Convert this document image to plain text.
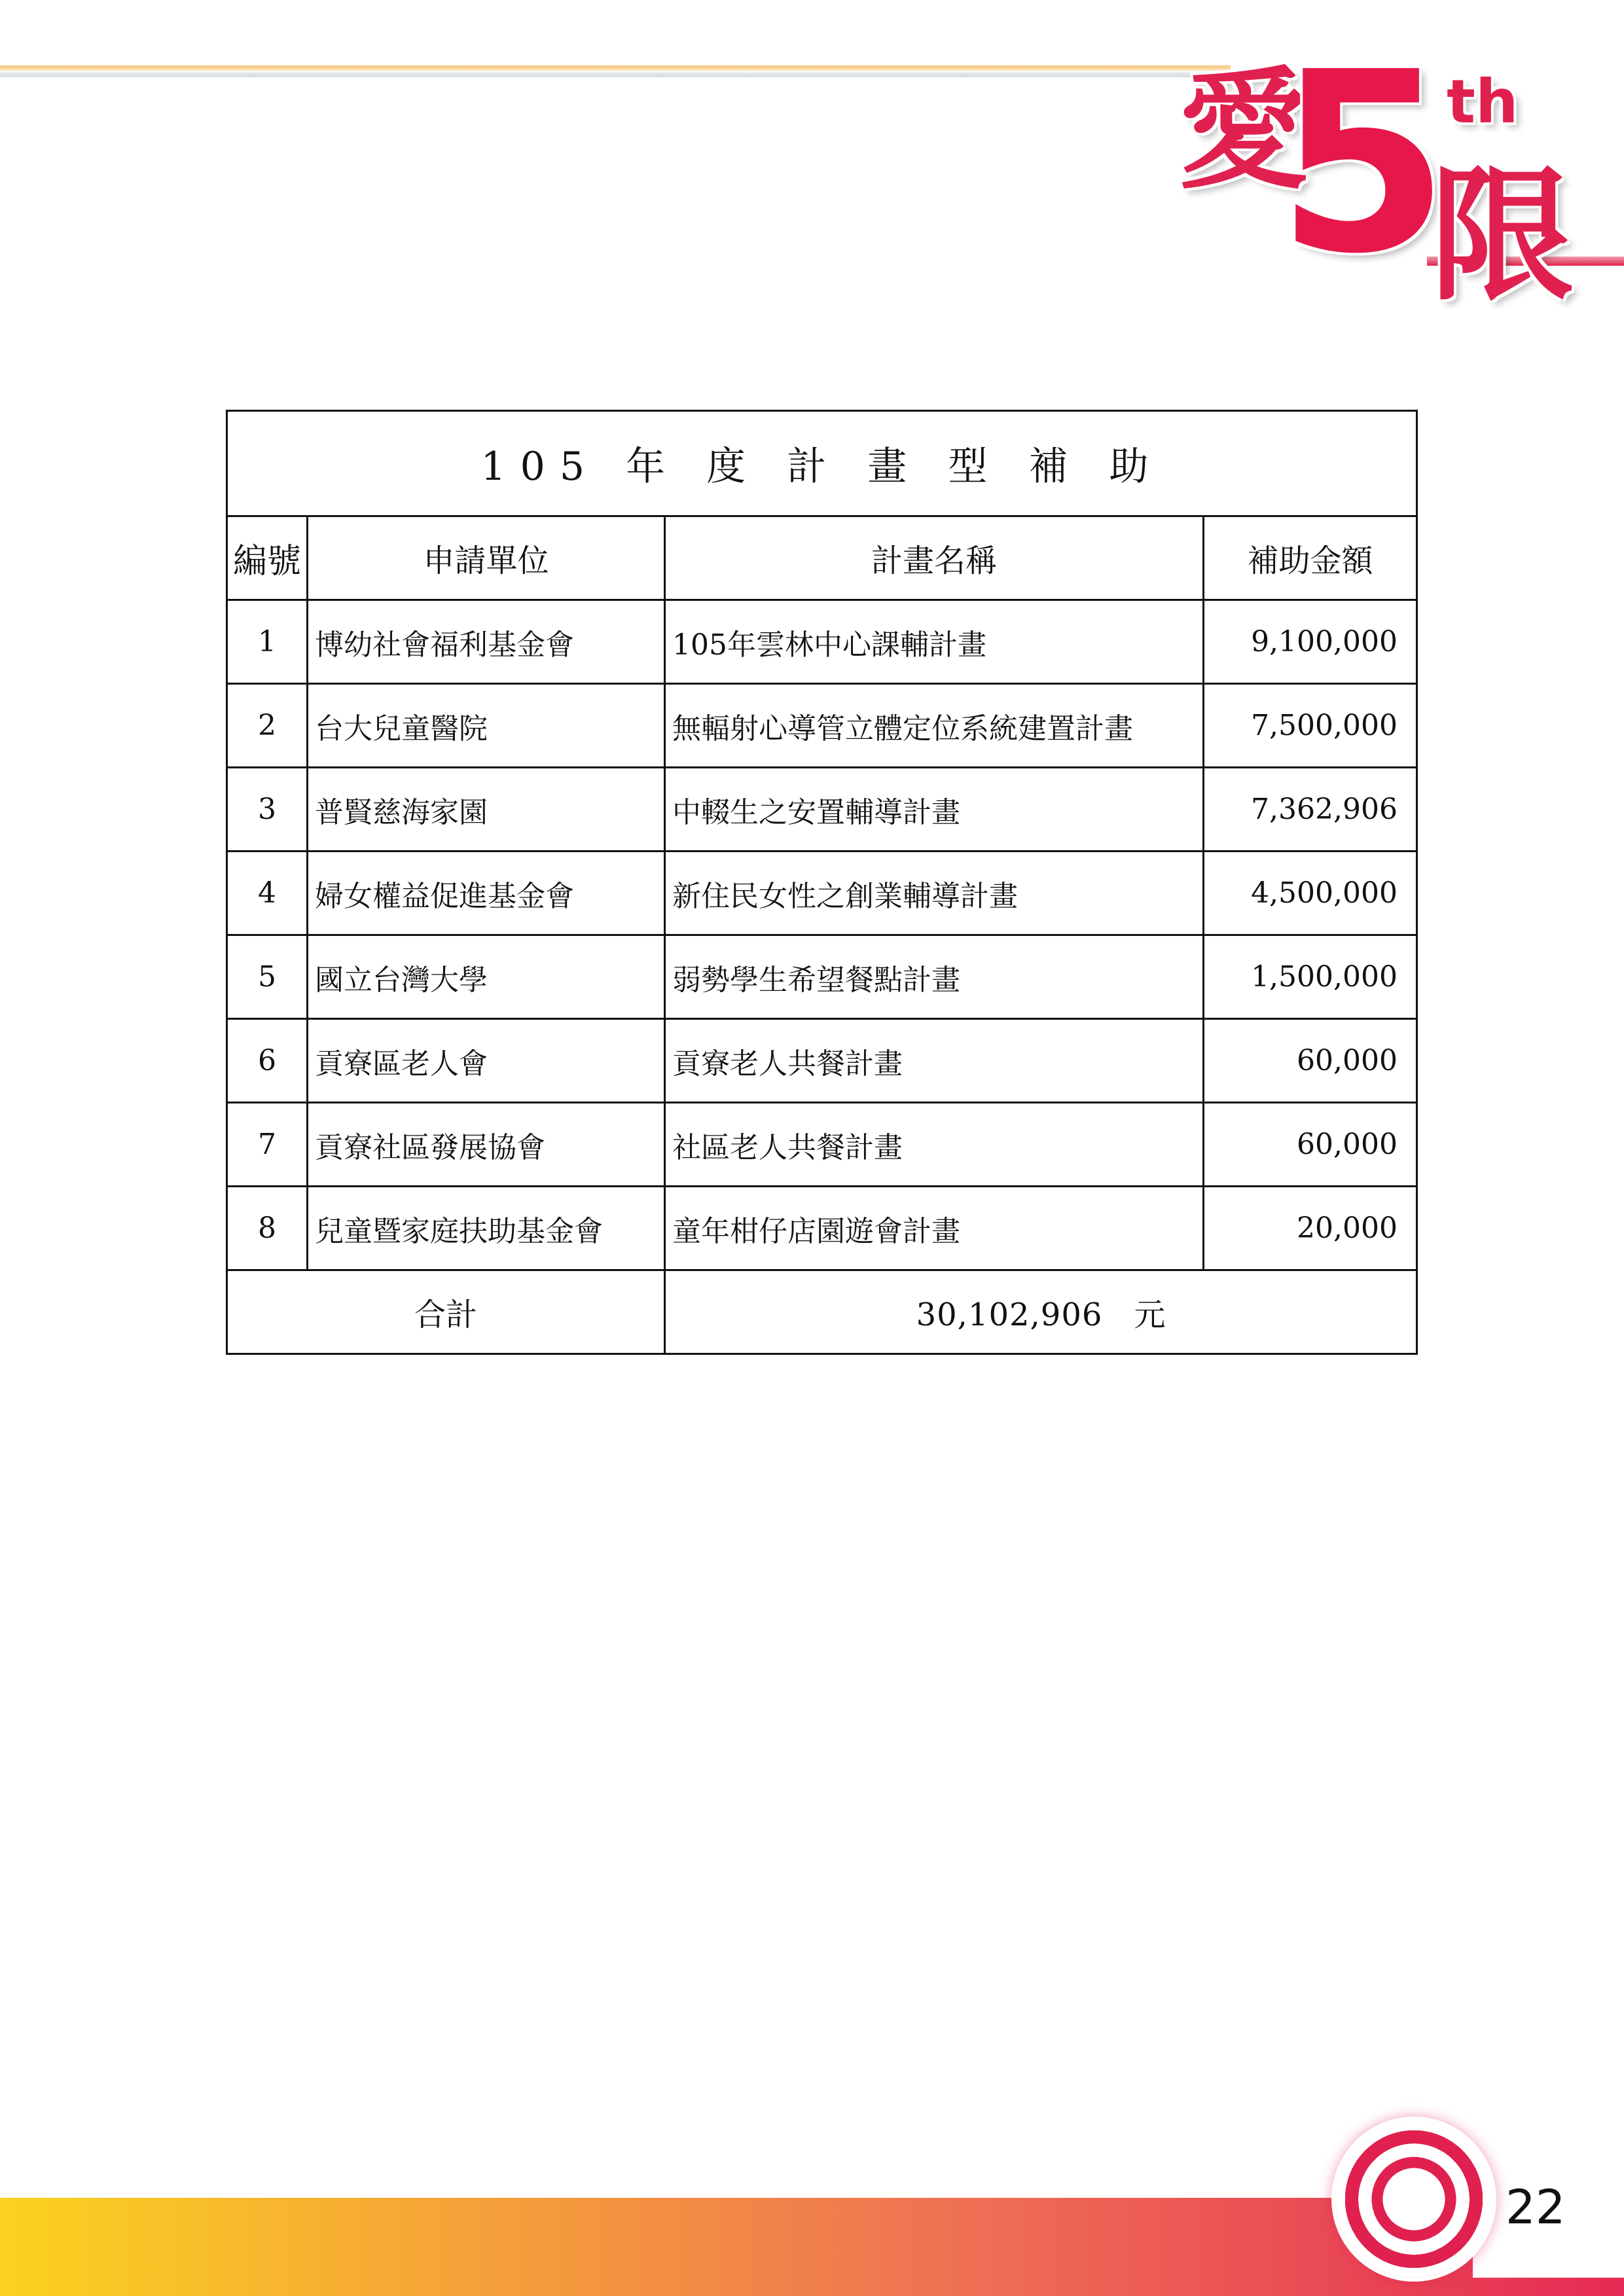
愛
5
th
限
105 年 度 計 畫 型 補 助			
編號	申請單位	計畫名稱	補助金額
1	博幼社會福利基金會	105年雲林中心課輔計畫	9,100,000
2	台大兒童醫院	無輻射心導管立體定位系統建置計畫	7,500,000
3	普賢慈海家園	中輟生之安置輔導計畫	7,362,906
4	婦女權益促進基金會	新住民女性之創業輔導計畫	4,500,000
5	國立台灣大學	弱勢學生希望餐點計畫	1,500,000
6	貢寮區老人會	貢寮老人共餐計畫	60,000
7	貢寮社區發展協會	社區老人共餐計畫	60,000
8	兒童暨家庭扶助基金會	童年柑仔店園遊會計畫	20,000
合計		30,102,906 元	
22
